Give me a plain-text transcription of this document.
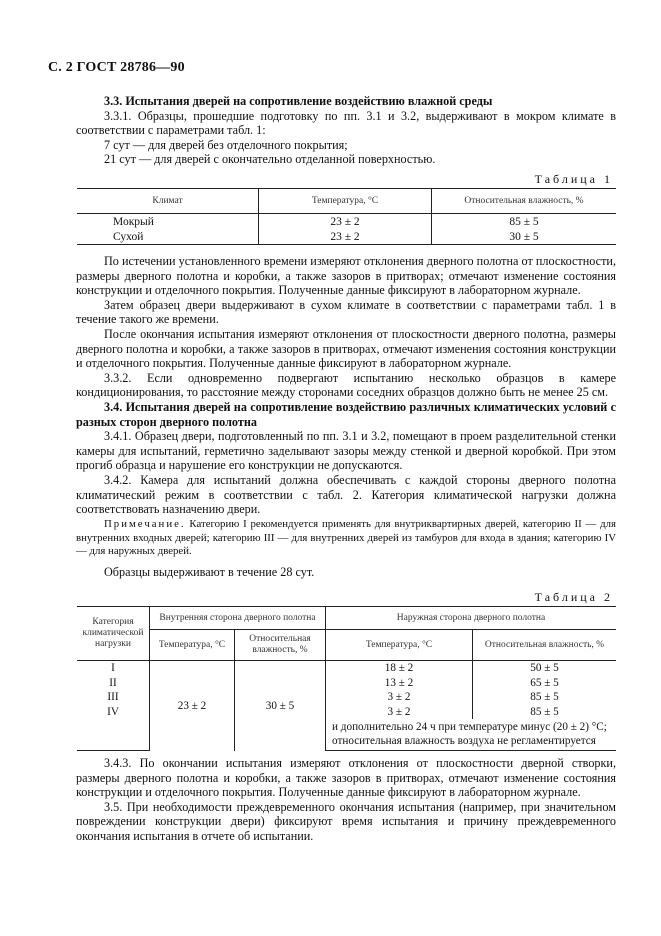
С. 2 ГОСТ 28786—90

3.3. Испытания дверей на сопротивление воздействию влажной среды

3.3.1. Образцы, прошедшие подготовку по пп. 3.1 и 3.2, выдерживают в мокром климате в соответствии с параметрами табл. 1:

7 сут — для дверей без отделочного покрытия;

21 сут — для дверей с окончательно отделанной поверхностью.

Таблица 1
Климат	Температура, °С	Относительная влажность, %
Мокрый	23 ± 2	85 ± 5
Сухой	23 ± 2	30 ± 5

По истечении установленного времени измеряют отклонения дверного полотна от плоскостности, размеры дверного полотна и коробки, а также зазоров в притворах; отмечают изменение состояния конструкции и отделочного покрытия. Полученные данные фиксируют в лабораторном журнале.

Затем образец двери выдерживают в сухом климате в соответствии с параметрами табл. 1 в течение такого же времени.

После окончания испытания измеряют отклонения от плоскостности дверного полотна, размеры дверного полотна и коробки, а также зазоров в притворах, отмечают изменения состояния конструкции и отделочного покрытия. Полученные данные фиксируют в лабораторном журнале.

3.3.2. Если одновременно подвергают испытанию несколько образцов в камере кондиционирования, то расстояние между сторонами соседних образцов должно быть не менее 25 см.

3.4. Испытания дверей на сопротивление воздействию различных климатических условий с разных сторон дверного полотна

3.4.1. Образец двери, подготовленный по пп. 3.1 и 3.2, помещают в проем разделительной стенки камеры для испытаний, герметично заделывают зазоры между стенкой и дверной коробкой. При этом прогиб образца и нарушение его конструкции не допускаются.

3.4.2. Камера для испытаний должна обеспечивать с каждой стороны дверного полотна климатический режим в соответствии с табл. 2. Категория климатической нагрузки должна соответствовать назначению двери.

Примечание. Категорию I рекомендуется применять для внутриквартирных дверей, категорию II — для внутренних входных дверей; категорию III — для внутренних дверей из тамбуров для входа в здания; категорию IV — для наружных дверей.

Образцы выдерживают в течение 28 сут.

Таблица 2
Категория климатической нагрузки	Внутренняя сторона дверного полотна		Наружная сторона дверного полотна	
	Температура, °С	Относительная влажность, %	Температура, °С	Относительная влажность, %
I	23 ± 2	30 ± 5	18 ± 2	50 ± 5
II			13 ± 2	65 ± 5
III			3 ± 2	85 ± 5
IV			3 ± 2	85 ± 5
			и дополнительно 24 ч при температуре минус (20 ± 2) °С; относительная влажность воздуха не регламентируется	

3.4.3. По окончании испытания измеряют отклонения от плоскостности дверной створки, размеры дверного полотна и коробки, а также зазоров в притворах, отмечают изменение состояния конструкции и отделочного покрытия. Полученные данные фиксируют в лабораторном журнале.

3.5. При необходимости преждевременного окончания испытания (например, при значительном повреждении конструкции двери) фиксируют время испытания и причину преждевременного окончания испытания в отчете об испытании.
